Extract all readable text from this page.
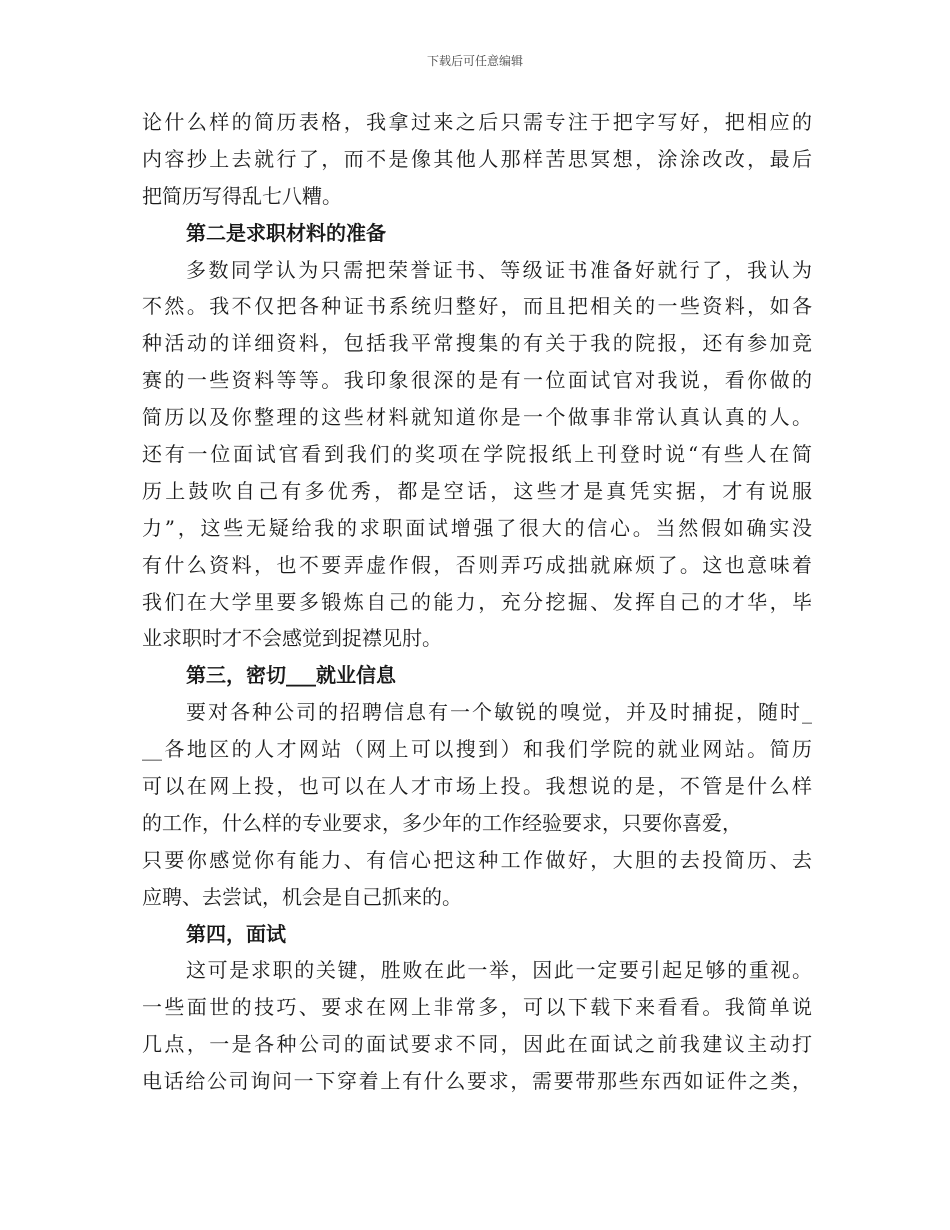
下载后可任意编辑
论什么样的简历表格，我拿过来之后只需专注于把字写好，把相应的
内容抄上去就行了，而不是像其他人那样苦思冥想，涂涂改改，最后
把简历写得乱七八糟。
第二是求职材料的准备
多数同学认为只需把荣誉证书、等级证书准备好就行了，我认为
不然。我不仅把各种证书系统归整好，而且把相关的一些资料，如各
种活动的详细资料，包括我平常搜集的有关于我的院报，还有参加竞
赛的一些资料等等。我印象很深的是有一位面试官对我说，看你做的
简历以及你整理的这些材料就知道你是一个做事非常认真认真的人。
还有一位面试官看到我们的奖项在学院报纸上刊登时说“有些人在简
历上鼓吹自己有多优秀，都是空话，这些才是真凭实据，才有说服
力”，这些无疑给我的求职面试增强了很大的信心。当然假如确实没
有什么资料，也不要弄虚作假，否则弄巧成拙就麻烦了。这也意味着
我们在大学里要多锻炼自己的能力，充分挖掘、发挥自己的才华，毕
业求职时才不会感觉到捉襟见肘。
第三，密切___就业信息
要对各种公司的招聘信息有一个敏锐的嗅觉，并及时捕捉，随时_
__各地区的人才网站（网上可以搜到）和我们学院的就业网站。简历
可以在网上投，也可以在人才市场上投。我想说的是，不管是什么样
的工作，什么样的专业要求，多少年的工作经验要求，只要你喜爱，
只要你感觉你有能力、有信心把这种工作做好，大胆的去投简历、去
应聘、去尝试，机会是自己抓来的。
第四，面试
这可是求职的关键，胜败在此一举，因此一定要引起足够的重视。
一些面世的技巧、要求在网上非常多，可以下载下来看看。我简单说
几点，一是各种公司的面试要求不同，因此在面试之前我建议主动打
电话给公司询问一下穿着上有什么要求，需要带那些东西如证件之类，
